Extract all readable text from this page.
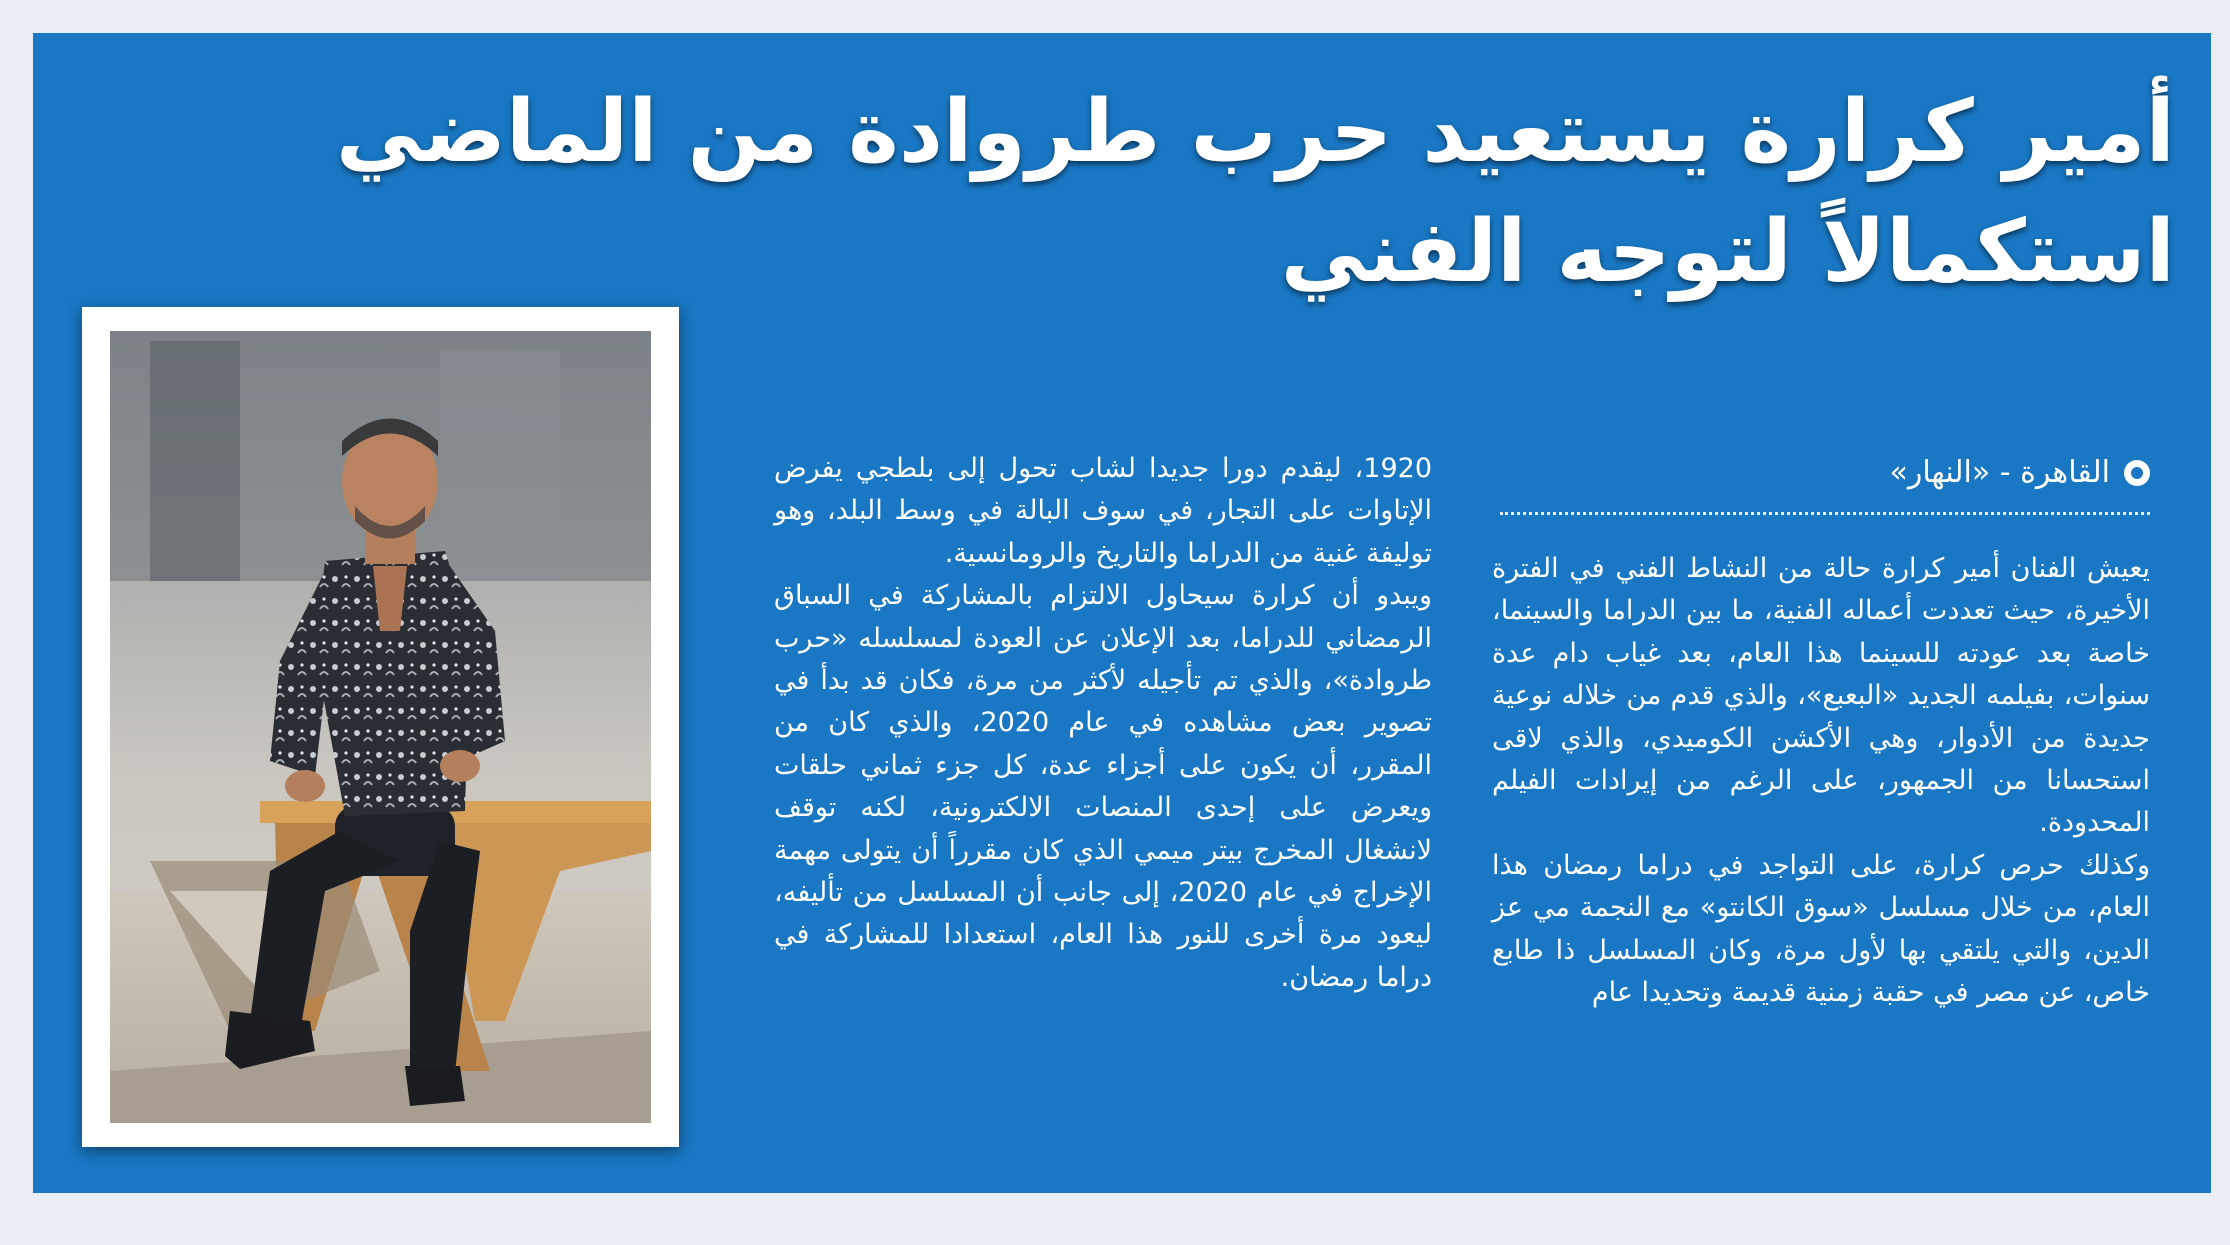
أمير كرارة يستعيد حرب طروادة من الماضي
استكمالاً لتوجه الفني
القاهرة - «النهار»

يعيش الفنان أمير كرارة حالة من النشاط الفني في الفترة الأخيرة، حيث تعددت أعماله الفنية، ما بين الدراما والسينما، خاصة بعد عودته للسينما هذا العام، بعد غياب دام عدة سنوات، بفيلمه الجديد «البعبع»، والذي قدم من خلاله نوعية جديدة من الأدوار، وهي الأكشن الكوميدي، والذي لاقى استحسانا من الجمهور، على الرغم من إيرادات الفيلم المحدودة.

وكذلك حرص كرارة، على التواجد في دراما رمضان هذا العام، من خلال مسلسل «سوق الكانتو» مع النجمة مي عز الدين، والتي يلتقي بها لأول مرة، وكان المسلسل ذا طابع خاص، عن مصر في حقبة زمنية قديمة وتحديدا عام

1920، ليقدم دورا جديدا لشاب تحول إلى بلطجي يفرض الإتاوات على التجار، في سوف البالة في وسط البلد، وهو توليفة غنية من الدراما والتاريخ والرومانسية.

ويبدو أن كرارة سيحاول الالتزام بالمشاركة في السباق الرمضاني للدراما، بعد الإعلان عن العودة لمسلسله «حرب طروادة»، والذي تم تأجيله لأكثر من مرة، فكان قد بدأ في تصوير بعض مشاهده في عام 2020، والذي كان من المقرر، أن يكون على أجزاء عدة، كل جزء ثماني حلقات ويعرض على إحدى المنصات الالكترونية، لكنه توقف لانشغال المخرج بيتر ميمي الذي كان مقرراً أن يتولى مهمة الإخراج في عام 2020، إلى جانب أن المسلسل من تأليفه، ليعود مرة أخرى للنور هذا العام، استعدادا للمشاركة في دراما رمضان.
